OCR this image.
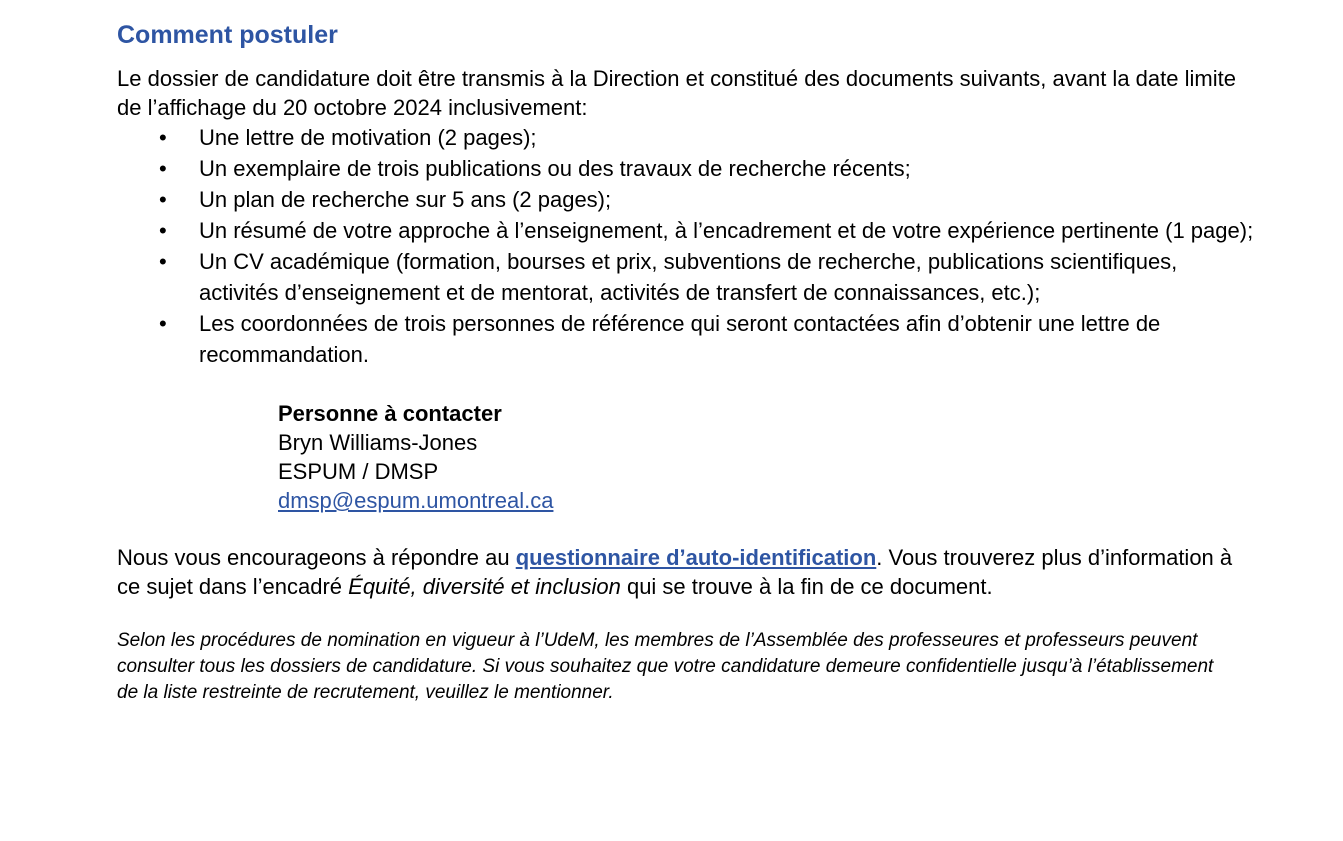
Comment postuler

Le dossier de candidature doit être transmis à la Direction et constitué des documents suivants, avant la date limite de l’affichage du 20 octobre 2024 inclusivement:

• Une lettre de motivation (2 pages);
• Un exemplaire de trois publications ou des travaux de recherche récents;
• Un plan de recherche sur 5 ans (2 pages);
• Un résumé de votre approche à l’enseignement, à l’encadrement et de votre expérience pertinente (1 page);
• Un CV académique (formation, bourses et prix, subventions de recherche, publications scientifiques, activités d’enseignement et de mentorat, activités de transfert de connaissances, etc.);
• Les coordonnées de trois personnes de référence qui seront contactées afin d’obtenir une lettre de recommandation.
Personne à contacter
Bryn Williams-Jones
ESPUM / DMSP
dmsp@espum.umontreal.ca

Nous vous encourageons à répondre au questionnaire d’auto-identification. Vous trouverez plus d’information à ce sujet dans l’encadré Équité, diversité et inclusion qui se trouve à la fin de ce document.

Selon les procédures de nomination en vigueur à l’UdeM, les membres de l’Assemblée des professeures et professeurs peuvent consulter tous les dossiers de candidature. Si vous souhaitez que votre candidature demeure confidentielle jusqu’à l’établissement de la liste restreinte de recrutement, veuillez le mentionner.
